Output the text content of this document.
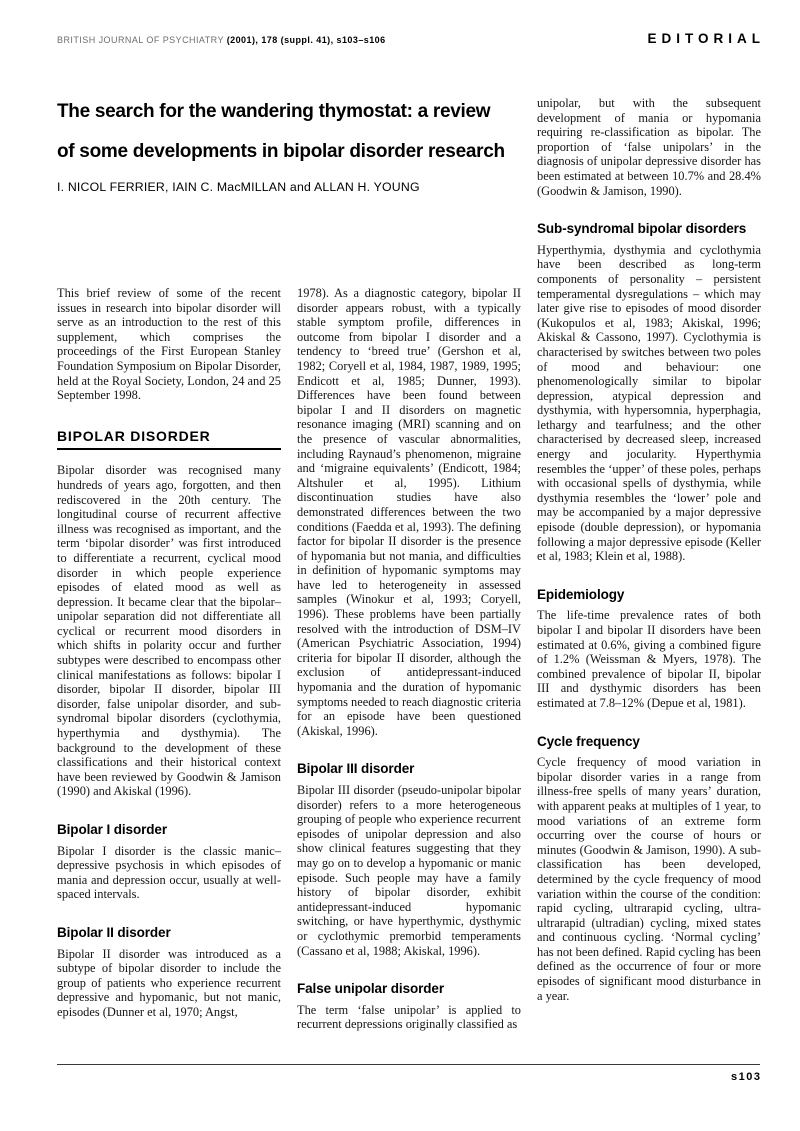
BRITISH JOURNAL OF PSYCHIATRY (2001), 178 (suppl. 41), s103–s106	EDITORIAL
The search for the wandering thymostat: a review
of some developments in bipolar disorder research
I. NICOL FERRIER, IAIN C. MacMILLAN and ALLAN H. YOUNG

This brief review of some of the recent issues in research into bipolar disorder will serve as an introduction to the rest of this supplement, which comprises the proceedings of the First European Stanley Foundation Symposium on Bipolar Disorder, held at the Royal Society, London, 24 and 25 September 1998.

BIPOLAR DISORDER

Bipolar disorder was recognised many hundreds of years ago, forgotten, and then rediscovered in the 20th century. The longitudinal course of recurrent affective illness was recognised as important, and the term ‘bipolar disorder’ was first introduced to differentiate a recurrent, cyclical mood disorder in which people experience episodes of elated mood as well as depression. It became clear that the bipolar–unipolar separation did not differentiate all cyclical or recurrent mood disorders in which shifts in polarity occur and further subtypes were described to encompass other clinical manifestations as follows: bipolar I disorder, bipolar II disorder, bipolar III disorder, false unipolar disorder, and sub-syndromal bipolar disorders (cyclothymia, hyperthymia and dysthymia). The background to the development of these classifications and their historical context have been reviewed by Goodwin & Jamison (1990) and Akiskal (1996).

Bipolar I disorder

Bipolar I disorder is the classic manic–depressive psychosis in which episodes of mania and depression occur, usually at well-spaced intervals.

Bipolar II disorder

Bipolar II disorder was introduced as a subtype of bipolar disorder to include the group of patients who experience recurrent depressive and hypomanic, but not manic, episodes (Dunner et al, 1970; Angst,

1978). As a diagnostic category, bipolar II disorder appears robust, with a typically stable symptom profile, differences in outcome from bipolar I disorder and a tendency to ‘breed true’ (Gershon et al, 1982; Coryell et al, 1984, 1987, 1989, 1995; Endicott et al, 1985; Dunner, 1993). Differences have been found between bipolar I and II disorders on magnetic resonance imaging (MRI) scanning and on the presence of vascular abnormalities, including Raynaud’s phenomenon, migraine and ‘migraine equivalents’ (Endicott, 1984; Altshuler et al, 1995). Lithium discontinuation studies have also demonstrated differences between the two conditions (Faedda et al, 1993). The defining factor for bipolar II disorder is the presence of hypomania but not mania, and difficulties in definition of hypomanic symptoms may have led to heterogeneity in assessed samples (Winokur et al, 1993; Coryell, 1996). These problems have been partially resolved with the introduction of DSM–IV (American Psychiatric Association, 1994) criteria for bipolar II disorder, although the exclusion of antidepressant-induced hypomania and the duration of hypomanic symptoms needed to reach diagnostic criteria for an episode have been questioned (Akiskal, 1996).

Bipolar III disorder

Bipolar III disorder (pseudo-unipolar bipolar disorder) refers to a more heterogeneous grouping of people who experience recurrent episodes of unipolar depression and also show clinical features suggesting that they may go on to develop a hypomanic or manic episode. Such people may have a family history of bipolar disorder, exhibit antidepressant-induced hypomanic switching, or have hyperthymic, dysthymic or cyclothymic premorbid temperaments (Cassano et al, 1988; Akiskal, 1996).

False unipolar disorder

The term ‘false unipolar’ is applied to recurrent depressions originally classified as

unipolar, but with the subsequent development of mania or hypomania requiring re-classification as bipolar. The proportion of ‘false unipolars’ in the diagnosis of unipolar depressive disorder has been estimated at between 10.7% and 28.4% (Goodwin & Jamison, 1990).

Sub-syndromal bipolar disorders

Hyperthymia, dysthymia and cyclothymia have been described as long-term components of personality – persistent temperamental dysregulations – which may later give rise to episodes of mood disorder (Kukopulos et al, 1983; Akiskal, 1996; Akiskal & Cassono, 1997). Cyclothymia is characterised by switches between two poles of mood and behaviour: one phenomenologically similar to bipolar depression, atypical depression and dysthymia, with hypersomnia, hyperphagia, lethargy and tearfulness; and the other characterised by decreased sleep, increased energy and jocularity. Hyperthymia resembles the ‘upper’ of these poles, perhaps with occasional spells of dysthymia, while dysthymia resembles the ‘lower’ pole and may be accompanied by a major depressive episode (double depression), or hypomania following a major depressive episode (Keller et al, 1983; Klein et al, 1988).

Epidemiology

The life-time prevalence rates of both bipolar I and bipolar II disorders have been estimated at 0.6%, giving a combined figure of 1.2% (Weissman & Myers, 1978). The combined prevalence of bipolar II, bipolar III and dysthymic disorders has been estimated at 7.8–12% (Depue et al, 1981).

Cycle frequency

Cycle frequency of mood variation in bipolar disorder varies in a range from illness-free spells of many years’ duration, with apparent peaks at multiples of 1 year, to mood variations of an extreme form occurring over the course of hours or minutes (Goodwin & Jamison, 1990). A sub-classification has been developed, determined by the cycle frequency of mood variation within the course of the condition: rapid cycling, ultrarapid cycling, ultra-ultrarapid (ultradian) cycling, mixed states and continuous cycling. ‘Normal cycling’ has not been defined. Rapid cycling has been defined as the occurrence of four or more episodes of significant mood disturbance in a year.

s103
